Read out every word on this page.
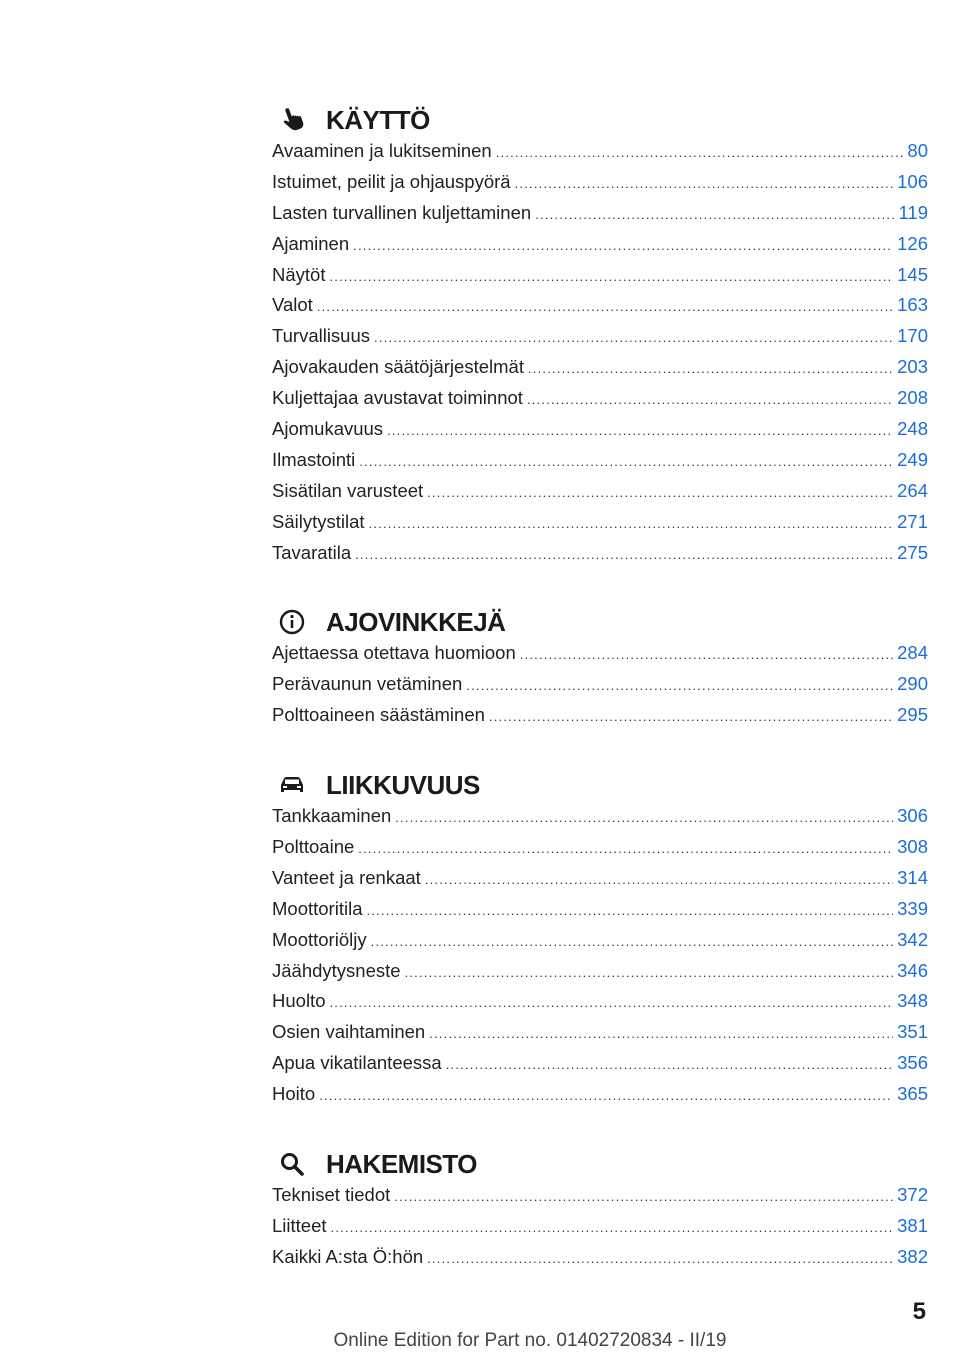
KÄYTTÖ
Avaaminen ja lukitseminen .....	80
Istuimet, peilit ja ohjauspyörä .....	106
Lasten turvallinen kuljettaminen .....	119
Ajaminen .....	126
Näytöt .....	145
Valot .....	163
Turvallisuus .....	170
Ajovakauden säätöjärjestelmät .....	203
Kuljettajaa avustavat toiminnot .....	208
Ajomukavuus .....	248
Ilmastointi .....	249
Sisätilan varusteet .....	264
Säilytystilat .....	271
Tavaratila .....	275
AJOVINKKEJÄ
Ajettaessa otettava huomioon .....	284
Perävaunun vetäminen .....	290
Polttoaineen säästäminen .....	295
LIIKKUVUUS
Tankkaaminen .....	306
Polttoaine .....	308
Vanteet ja renkaat .....	314
Moottoritila .....	339
Moottoriöljy .....	342
Jäähdytysneste .....	346
Huolto .....	348
Osien vaihtaminen .....	351
Apua vikatilanteessa .....	356
Hoito .....	365
HAKEMISTO
Tekniset tiedot .....	372
Liitteet .....	381
Kaikki A:sta Ö:hön .....	382
5
Online Edition for Part no. 01402720834 - II/19
